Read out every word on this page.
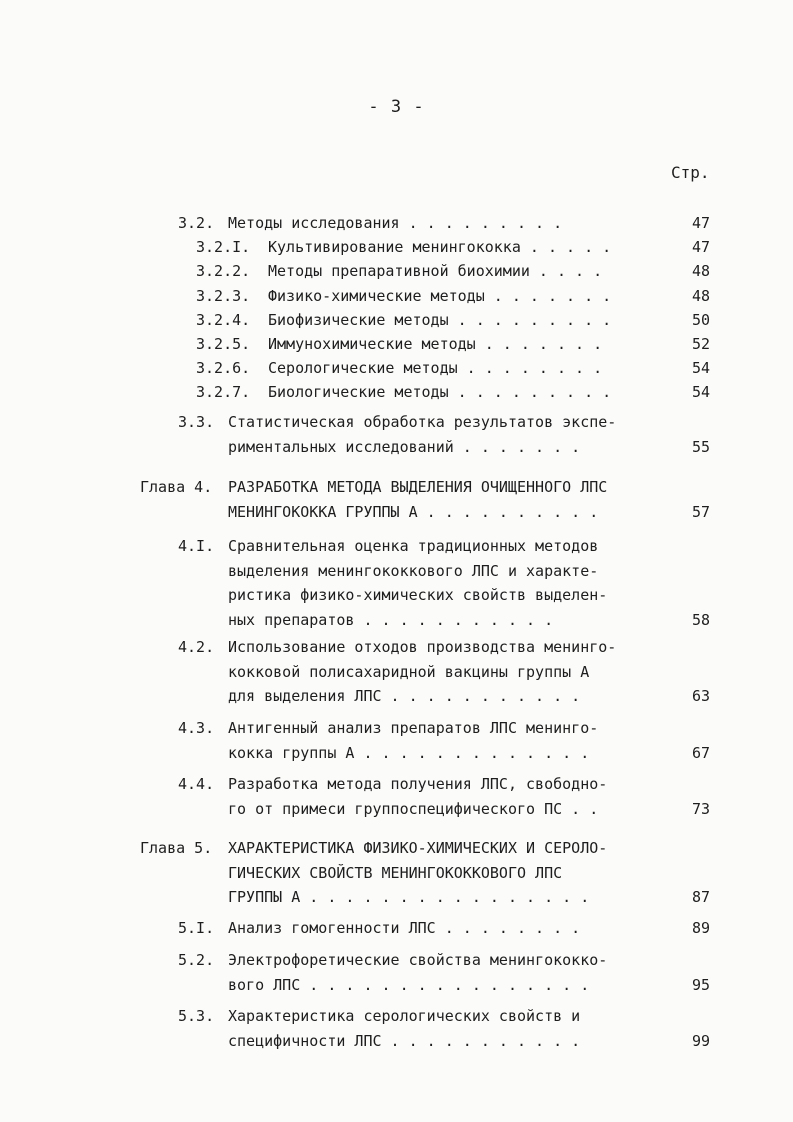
- 3 -
Стр.
3.2. Методы исследования . . . . . . . . .	47
3.2.I. Культивирование менингококка . . . . .	47
3.2.2. Методы препаративной биохимии . . . .	48
3.2.3. Физико-химические методы . . . . . . .	48
3.2.4. Биофизические методы . . . . . . . . .	50
3.2.5. Иммунохимические методы . . . . . . .	52
3.2.6. Серологические методы . . . . . . . .	54
3.2.7. Биологические методы . . . . . . . . .	54
3.3. Статистическая обработка результатов экспе-
риментальных исследований . . . . . . .	55
Глава 4. РАЗРАБОТКА МЕТОДА ВЫДЕЛЕНИЯ ОЧИЩЕННОГО ЛПС
МЕНИНГОКОККА ГРУППЫ А . . . . . . . . . .	57
4.I. Сравнительная оценка традиционных методов
выделения менингококкового ЛПС и характе-
ристика физико-химических свойств выделен-
ных препаратов . . . . . . . . . . .	58
4.2. Использование отходов производства менинго-
кокковой полисахаридной вакцины группы А
для выделения ЛПС . . . . . . . . . . .	63
4.3. Антигенный анализ препаратов ЛПС менинго-
кокка группы А . . . . . . . . . . . . .	67
4.4. Разработка метода получения ЛПС, свободно-
го от примеси группоспецифического ПС . .	73
Глава 5. ХАРАКТЕРИСТИКА ФИЗИКО-ХИМИЧЕСКИХ И СЕРОЛО-
ГИЧЕСКИХ СВОЙСТВ МЕНИНГОКОККОВОГО ЛПС
ГРУППЫ А . . . . . . . . . . . . . . . .	87
5.I. Анализ гомогенности ЛПС . . . . . . . .	89
5.2. Электрофоретические свойства менингококко-
вого ЛПС . . . . . . . . . . . . . . . .	95
5.3. Характеристика серологических свойств и
специфичности ЛПС . . . . . . . . . . .	99
